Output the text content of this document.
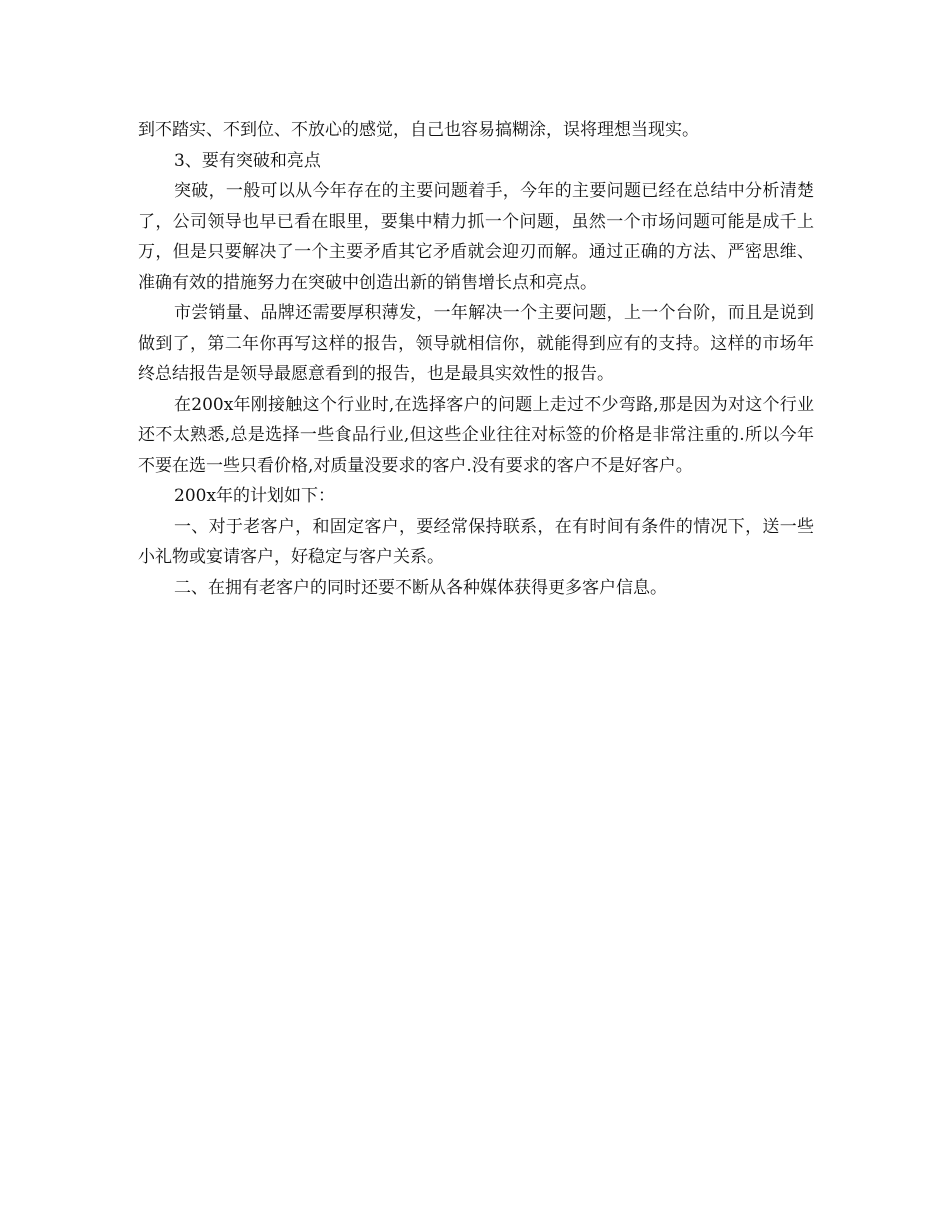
到不踏实、不到位、不放心的感觉，自己也容易搞糊涂，误将理想当现实。

3、要有突破和亮点

突破，一般可以从今年存在的主要问题着手，今年的主要问题已经在总结中分析清楚了，公司领导也早已看在眼里，要集中精力抓一个问题，虽然一个市场问题可能是成千上万，但是只要解决了一个主要矛盾其它矛盾就会迎刃而解。通过正确的方法、严密思维、准确有效的措施努力在突破中创造出新的销售增长点和亮点。

市尝销量、品牌还需要厚积薄发，一年解决一个主要问题，上一个台阶，而且是说到做到了，第二年你再写这样的报告，领导就相信你，就能得到应有的支持。这样的市场年终总结报告是领导最愿意看到的报告，也是最具实效性的报告。

在200x年刚接触这个行业时,在选择客户的问题上走过不少弯路,那是因为对这个行业还不太熟悉,总是选择一些食品行业,但这些企业往往对标签的价格是非常注重的.所以今年不要在选一些只看价格,对质量没要求的客户.没有要求的客户不是好客户。

200x年的计划如下：

一、对于老客户，和固定客户，要经常保持联系，在有时间有条件的情况下，送一些小礼物或宴请客户，好稳定与客户关系。

二、在拥有老客户的同时还要不断从各种媒体获得更多客户信息。
